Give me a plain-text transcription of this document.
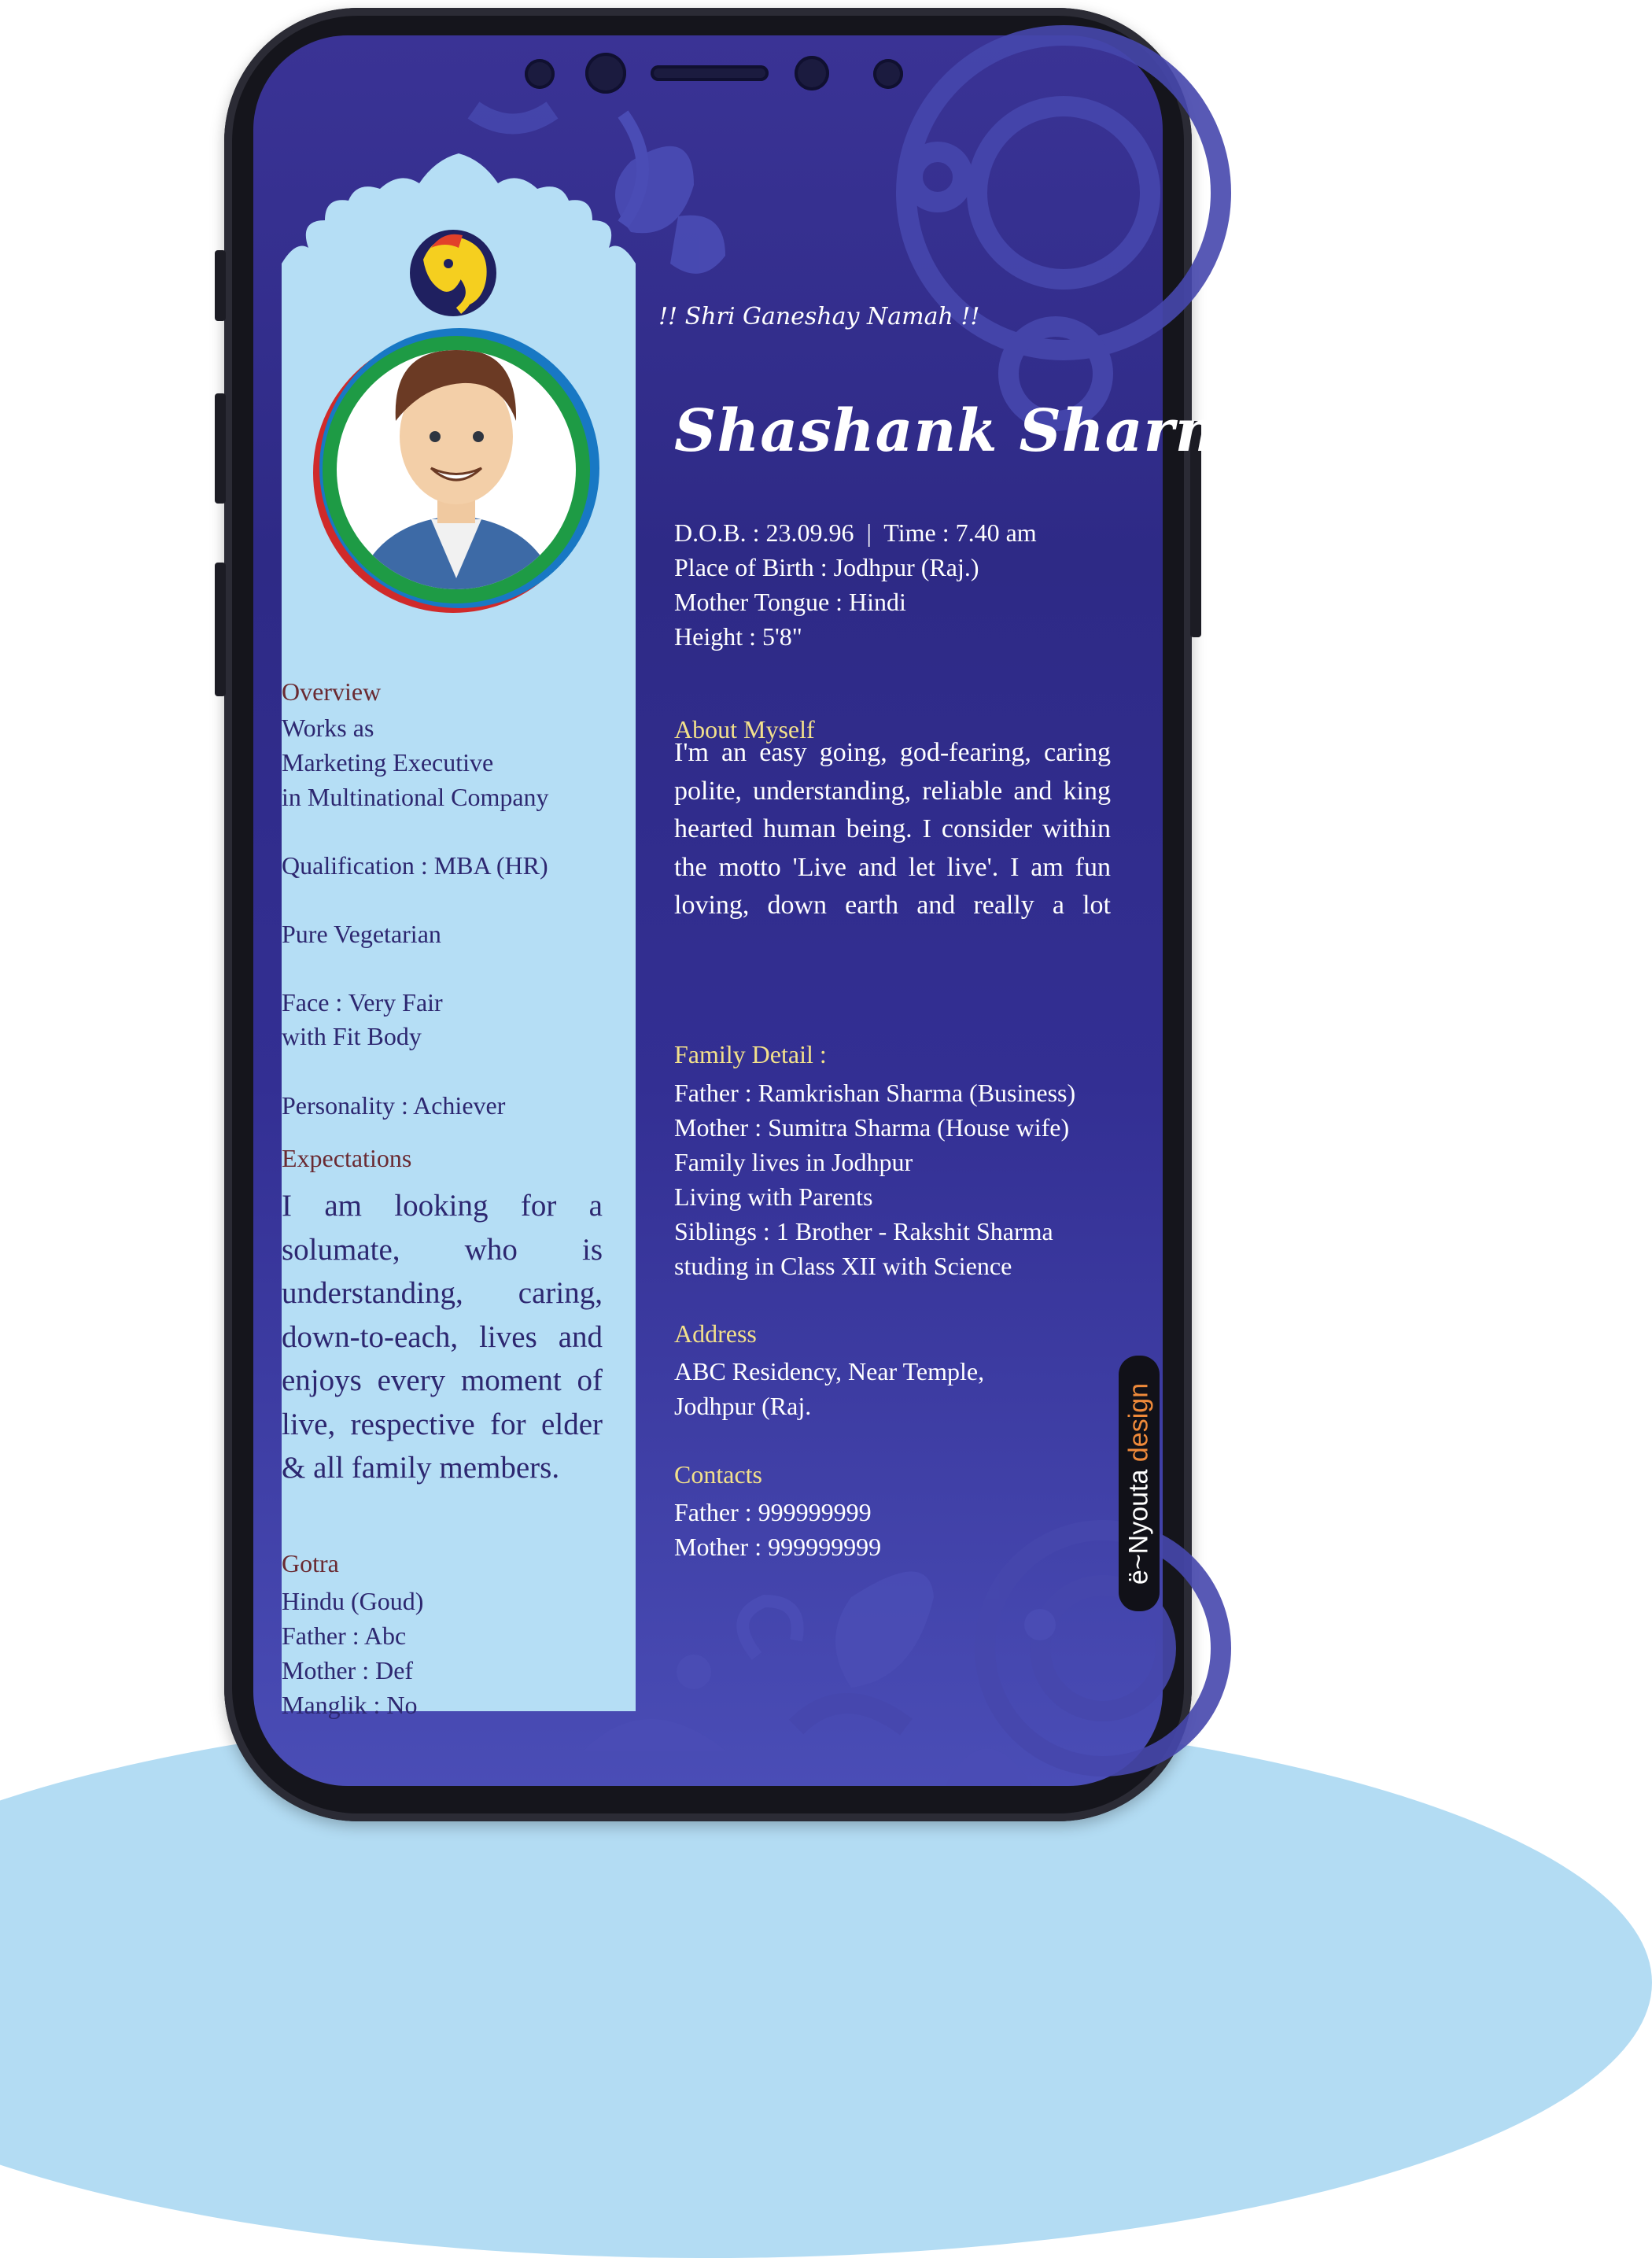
Overview
Works as
Marketing Executive
in Multinational Company
Qualification : MBA (HR)
Pure Vegetarian
Face : Very Fair
with Fit Body
Personality : Achiever
Expectations
I am looking for a solumate, who is understanding, caring, down-to-each, lives and enjoys every moment of live, respective for elder & all family members.
Gotra
Hindu (Goud)
Father : Abc
Mother : Def
Manglik : No
!! Shri Ganeshay Namah !!
Shashank Sharma
D.O.B. : 23.09.96  |  Time : 7.40 am
Place of Birth : Jodhpur (Raj.)
Mother Tongue : Hindi
Height : 5'8"
About Myself
I'm an easy going, god-fearing, caring polite, understanding, reliable and king hearted human being. I consider within the motto 'Live and let live'. I am fun loving, down earth and really a lot
Family Detail :
Father : Ramkrishan Sharma (Business)
Mother : Sumitra Sharma (House wife)
Family lives in Jodhpur
Living with Parents
Siblings : 1 Brother - Rakshit Sharma
studing in Class XII with Science
Address
ABC Residency, Near Temple,
Jodhpur (Raj.
Contacts
Father : 999999999
Mother : 999999999	ë~Nyouta design
